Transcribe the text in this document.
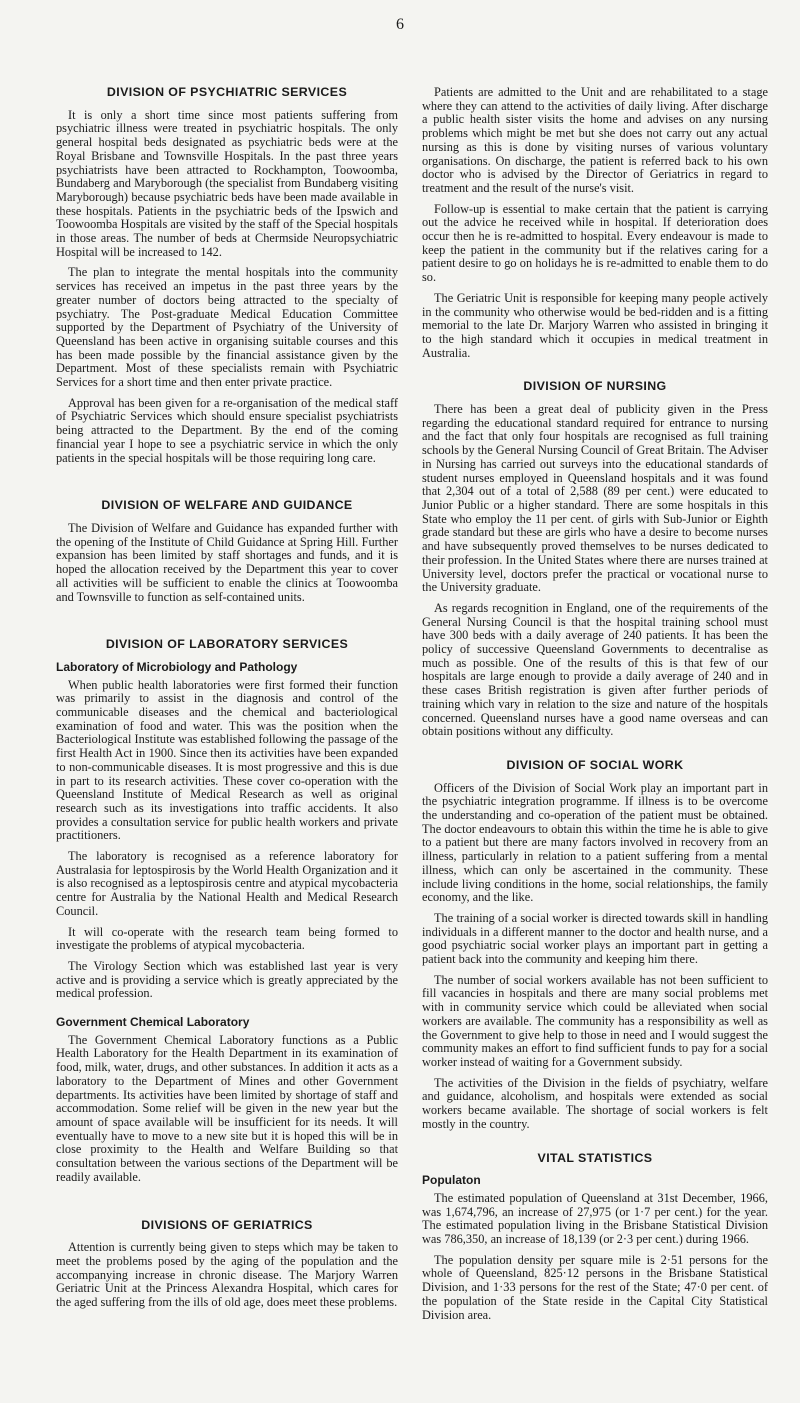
6
DIVISION OF PSYCHIATRIC SERVICES

It is only a short time since most patients suffering from psychiatric illness were treated in psychiatric hospitals. The only general hospital beds designated as psychiatric beds were at the Royal Brisbane and Townsville Hospitals. In the past three years psychiatrists have been attracted to Rockhampton, Toowoomba, Bundaberg and Maryborough (the specialist from Bundaberg visiting Maryborough) because psychiatric beds have been made available in these hospitals. Patients in the psychiatric beds of the Ipswich and Toowoomba Hospitals are visited by the staff of the Special hospitals in those areas. The number of beds at Chermside Neuropsychiatric Hospital will be increased to 142.

The plan to integrate the mental hospitals into the community services has received an impetus in the past three years by the greater number of doctors being attracted to the specialty of psychiatry. The Post-graduate Medical Education Committee supported by the Department of Psychiatry of the University of Queensland has been active in organising suitable courses and this has been made possible by the financial assistance given by the Department. Most of these specialists remain with Psychiatric Services for a short time and then enter private practice.

Approval has been given for a re-organisation of the medical staff of Psychiatric Services which should ensure specialist psychiatrists being attracted to the Department. By the end of the coming financial year I hope to see a psychiatric service in which the only patients in the special hospitals will be those requiring long care.

DIVISION OF WELFARE AND GUIDANCE

The Division of Welfare and Guidance has expanded further with the opening of the Institute of Child Guidance at Spring Hill. Further expansion has been limited by staff shortages and funds, and it is hoped the allocation received by the Department this year to cover all activities will be sufficient to enable the clinics at Toowoomba and Townsville to function as self-contained units.

DIVISION OF LABORATORY SERVICES
Laboratory of Microbiology and Pathology

When public health laboratories were first formed their function was primarily to assist in the diagnosis and control of the communicable diseases and the chemical and bacteriological examination of food and water. This was the position when the Bacteriological Institute was established following the passage of the first Health Act in 1900. Since then its activities have been expanded to non-communicable diseases. It is most progressive and this is due in part to its research activities. These cover co-operation with the Queensland Institute of Medical Research as well as original research such as its investigations into traffic accidents. It also provides a consultation service for public health workers and private practitioners.

The laboratory is recognised as a reference laboratory for Australasia for leptospirosis by the World Health Organization and it is also recognised as a leptospirosis centre and atypical mycobacteria centre for Australia by the National Health and Medical Research Council.

It will co-operate with the research team being formed to investigate the problems of atypical mycobacteria.

The Virology Section which was established last year is very active and is providing a service which is greatly appreciated by the medical profession.

Government Chemical Laboratory

The Government Chemical Laboratory functions as a Public Health Laboratory for the Health Department in its examination of food, milk, water, drugs, and other substances. In addition it acts as a laboratory to the Department of Mines and other Government departments. Its activities have been limited by shortage of staff and accommodation. Some relief will be given in the new year but the amount of space available will be insufficient for its needs. It will eventually have to move to a new site but it is hoped this will be in close proximity to the Health and Welfare Building so that consultation between the various sections of the Department will be readily available.

DIVISIONS OF GERIATRICS

Attention is currently being given to steps which may be taken to meet the problems posed by the aging of the population and the accompanying increase in chronic disease. The Marjory Warren Geriatric Unit at the Princess Alexandra Hospital, which cares for the aged suffering from the ills of old age, does meet these problems.

Patients are admitted to the Unit and are rehabilitated to a stage where they can attend to the activities of daily living. After discharge a public health sister visits the home and advises on any nursing problems which might be met but she does not carry out any actual nursing as this is done by visiting nurses of various voluntary organisations. On discharge, the patient is referred back to his own doctor who is advised by the Director of Geriatrics in regard to treatment and the result of the nurse's visit.

Follow-up is essential to make certain that the patient is carrying out the advice he received while in hospital. If deterioration does occur then he is re-admitted to hospital. Every endeavour is made to keep the patient in the community but if the relatives caring for a patient desire to go on holidays he is re-admitted to enable them to do so.

The Geriatric Unit is responsible for keeping many people actively in the community who otherwise would be bed-ridden and is a fitting memorial to the late Dr. Marjory Warren who assisted in bringing it to the high standard which it occupies in medical treatment in Australia.

DIVISION OF NURSING

There has been a great deal of publicity given in the Press regarding the educational standard required for entrance to nursing and the fact that only four hospitals are recognised as full training schools by the General Nursing Council of Great Britain. The Adviser in Nursing has carried out surveys into the educational standards of student nurses employed in Queensland hospitals and it was found that 2,304 out of a total of 2,588 (89 per cent.) were educated to Junior Public or a higher standard. There are some hospitals in this State who employ the 11 per cent. of girls with Sub-Junior or Eighth grade standard but these are girls who have a desire to become nurses and have subsequently proved themselves to be nurses dedicated to their profession. In the United States where there are nurses trained at University level, doctors prefer the practical or vocational nurse to the University graduate.

As regards recognition in England, one of the requirements of the General Nursing Council is that the hospital training school must have 300 beds with a daily average of 240 patients. It has been the policy of successive Queensland Governments to decentralise as much as possible. One of the results of this is that few of our hospitals are large enough to provide a daily average of 240 and in these cases British registration is given after further periods of training which vary in relation to the size and nature of the hospitals concerned. Queensland nurses have a good name overseas and can obtain positions without any difficulty.

DIVISION OF SOCIAL WORK

Officers of the Division of Social Work play an important part in the psychiatric integration programme. If illness is to be overcome the understanding and co-operation of the patient must be obtained. The doctor endeavours to obtain this within the time he is able to give to a patient but there are many factors involved in recovery from an illness, particularly in relation to a patient suffering from a mental illness, which can only be ascertained in the community. These include living conditions in the home, social relationships, the family economy, and the like.

The training of a social worker is directed towards skill in handling individuals in a different manner to the doctor and health nurse, and a good psychiatric social worker plays an important part in getting a patient back into the community and keeping him there.

The number of social workers available has not been sufficient to fill vacancies in hospitals and there are many social problems met with in community service which could be alleviated when social workers are available. The community has a responsibility as well as the Government to give help to those in need and I would suggest the community makes an effort to find sufficient funds to pay for a social worker instead of waiting for a Government subsidy.

The activities of the Division in the fields of psychiatry, welfare and guidance, alcoholism, and hospitals were extended as social workers became available. The shortage of social workers is felt mostly in the country.

VITAL STATISTICS
Populaton

The estimated population of Queensland at 31st December, 1966, was 1,674,796, an increase of 27,975 (or 1·7 per cent.) for the year. The estimated population living in the Brisbane Statistical Division was 786,350, an increase of 18,139 (or 2·3 per cent.) during 1966.

The population density per square mile is 2·51 persons for the whole of Queensland, 825·12 persons in the Brisbane Statistical Division, and 1·33 persons for the rest of the State; 47·0 per cent. of the population of the State reside in the Capital City Statistical Division area.
